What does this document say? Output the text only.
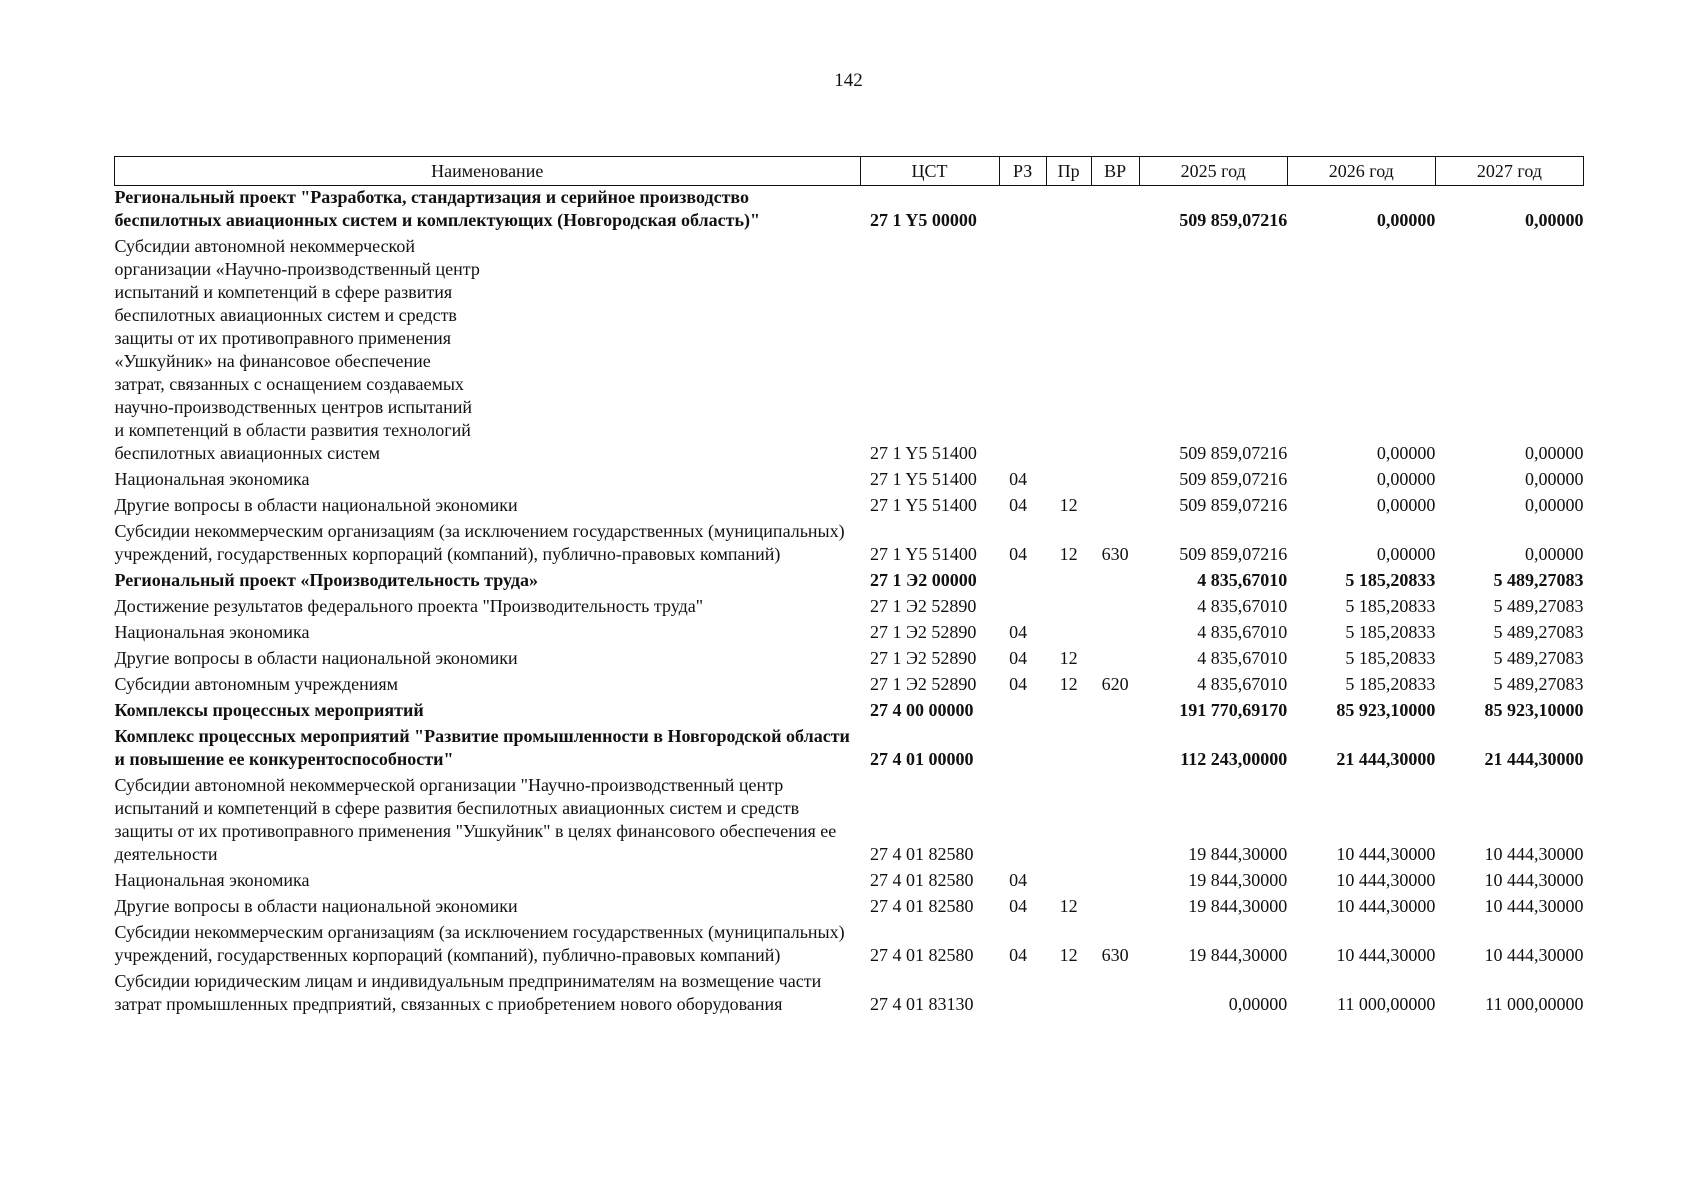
142
Наименование	ЦСТ	РЗ	Пр	ВР	2025 год	2026 год	2027 год
Региональный проект "Разработка, стандартизация и серийное производство беспилотных авиационных систем и комплектующих (Новгородская область)"	27 1 Y5 00000				509 859,07216	0,00000	0,00000
Субсидии автономной некоммерческой организации «Научно-производственный центр испытаний и компетенций в сфере развития беспилотных авиационных систем и средств защиты от их противоправного применения «Ушкуйник» на финансовое обеспечение затрат, связанных с оснащением создаваемых научно-производственных центров испытаний и компетенций в области развития технологий беспилотных авиационных систем	27 1 Y5 51400				509 859,07216	0,00000	0,00000
Национальная экономика	27 1 Y5 51400	04			509 859,07216	0,00000	0,00000
Другие вопросы в области национальной экономики	27 1 Y5 51400	04	12		509 859,07216	0,00000	0,00000
Субсидии некоммерческим организациям (за исключением государственных (муниципальных) учреждений, государственных корпораций (компаний), публично-правовых компаний)	27 1 Y5 51400	04	12	630	509 859,07216	0,00000	0,00000
Региональный проект «Производительность труда»	27 1 Э2 00000				4 835,67010	5 185,20833	5 489,27083
Достижение результатов федерального проекта "Производительность труда"	27 1 Э2 52890				4 835,67010	5 185,20833	5 489,27083
Национальная экономика	27 1 Э2 52890	04			4 835,67010	5 185,20833	5 489,27083
Другие вопросы в области национальной экономики	27 1 Э2 52890	04	12		4 835,67010	5 185,20833	5 489,27083
Субсидии автономным учреждениям	27 1 Э2 52890	04	12	620	4 835,67010	5 185,20833	5 489,27083
Комплексы процессных мероприятий	27 4 00 00000				191 770,69170	85 923,10000	85 923,10000
Комплекс процессных мероприятий "Развитие промышленности в Новгородской области и повышение ее конкурентоспособности"	27 4 01 00000				112 243,00000	21 444,30000	21 444,30000
Субсидии автономной некоммерческой организации "Научно-производственный центр испытаний и компетенций в сфере развития беспилотных авиационных систем и средств защиты от их противоправного применения "Ушкуйник" в целях финансового обеспечения ее деятельности	27 4 01 82580				19 844,30000	10 444,30000	10 444,30000
Национальная экономика	27 4 01 82580	04			19 844,30000	10 444,30000	10 444,30000
Другие вопросы в области национальной экономики	27 4 01 82580	04	12		19 844,30000	10 444,30000	10 444,30000
Субсидии некоммерческим организациям (за исключением государственных (муниципальных) учреждений, государственных корпораций (компаний), публично-правовых компаний)	27 4 01 82580	04	12	630	19 844,30000	10 444,30000	10 444,30000
Субсидии юридическим лицам и индивидуальным предпринимателям на возмещение части затрат промышленных предприятий, связанных с приобретением нового оборудования	27 4 01 83130				0,00000	11 000,00000	11 000,00000
